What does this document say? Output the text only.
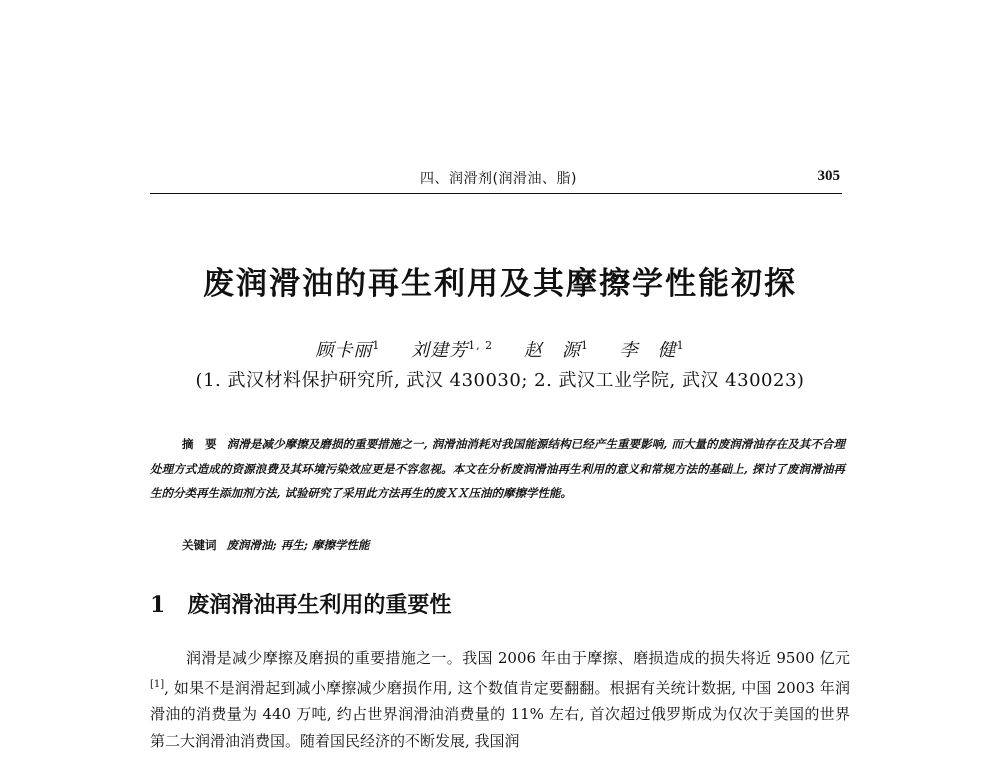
四、润滑剂(润滑油、脂)	305
废润滑油的再生利用及其摩擦学性能初探
顾卡丽$^1$ 刘建芳$^{1, 2}$ 赵　源$^1$ 李　健$^1$
(1. 武汉材料保护研究所, 武汉 430030; 2. 武汉工业学院, 武汉 430023)
摘　要 润滑是减少摩擦及磨损的重要措施之一, 润滑油消耗对我国能源结构已经产生重要影响, 而大量的废润滑油存在及其不合理处理方式造成的资源浪费及其环境污染效应更是不容忽视。本文在分析废润滑油再生利用的意义和常规方法的基础上, 探讨了废润滑油再生的分类再生添加剂方法, 试验研究了采用此方法再生的废ＸＸ压油的摩擦学性能。
关键词 废润滑油; 再生; 摩擦学性能
1 废润滑油再生利用的重要性
润滑是减少摩擦及磨损的重要措施之一。我国 2006 年由于摩擦、磨损造成的损失将近 9500 亿元[1], 如果不是润滑起到减小摩擦减少磨损作用, 这个数值肯定要翻翻。根据有关统计数据, 中国 2003 年润滑油的消费量为 440 万吨, 约占世界润滑油消费量的 11% 左右, 首次超过俄罗斯成为仅次于美国的世界第二大润滑油消费国。随着国民经济的不断发展, 我国润
